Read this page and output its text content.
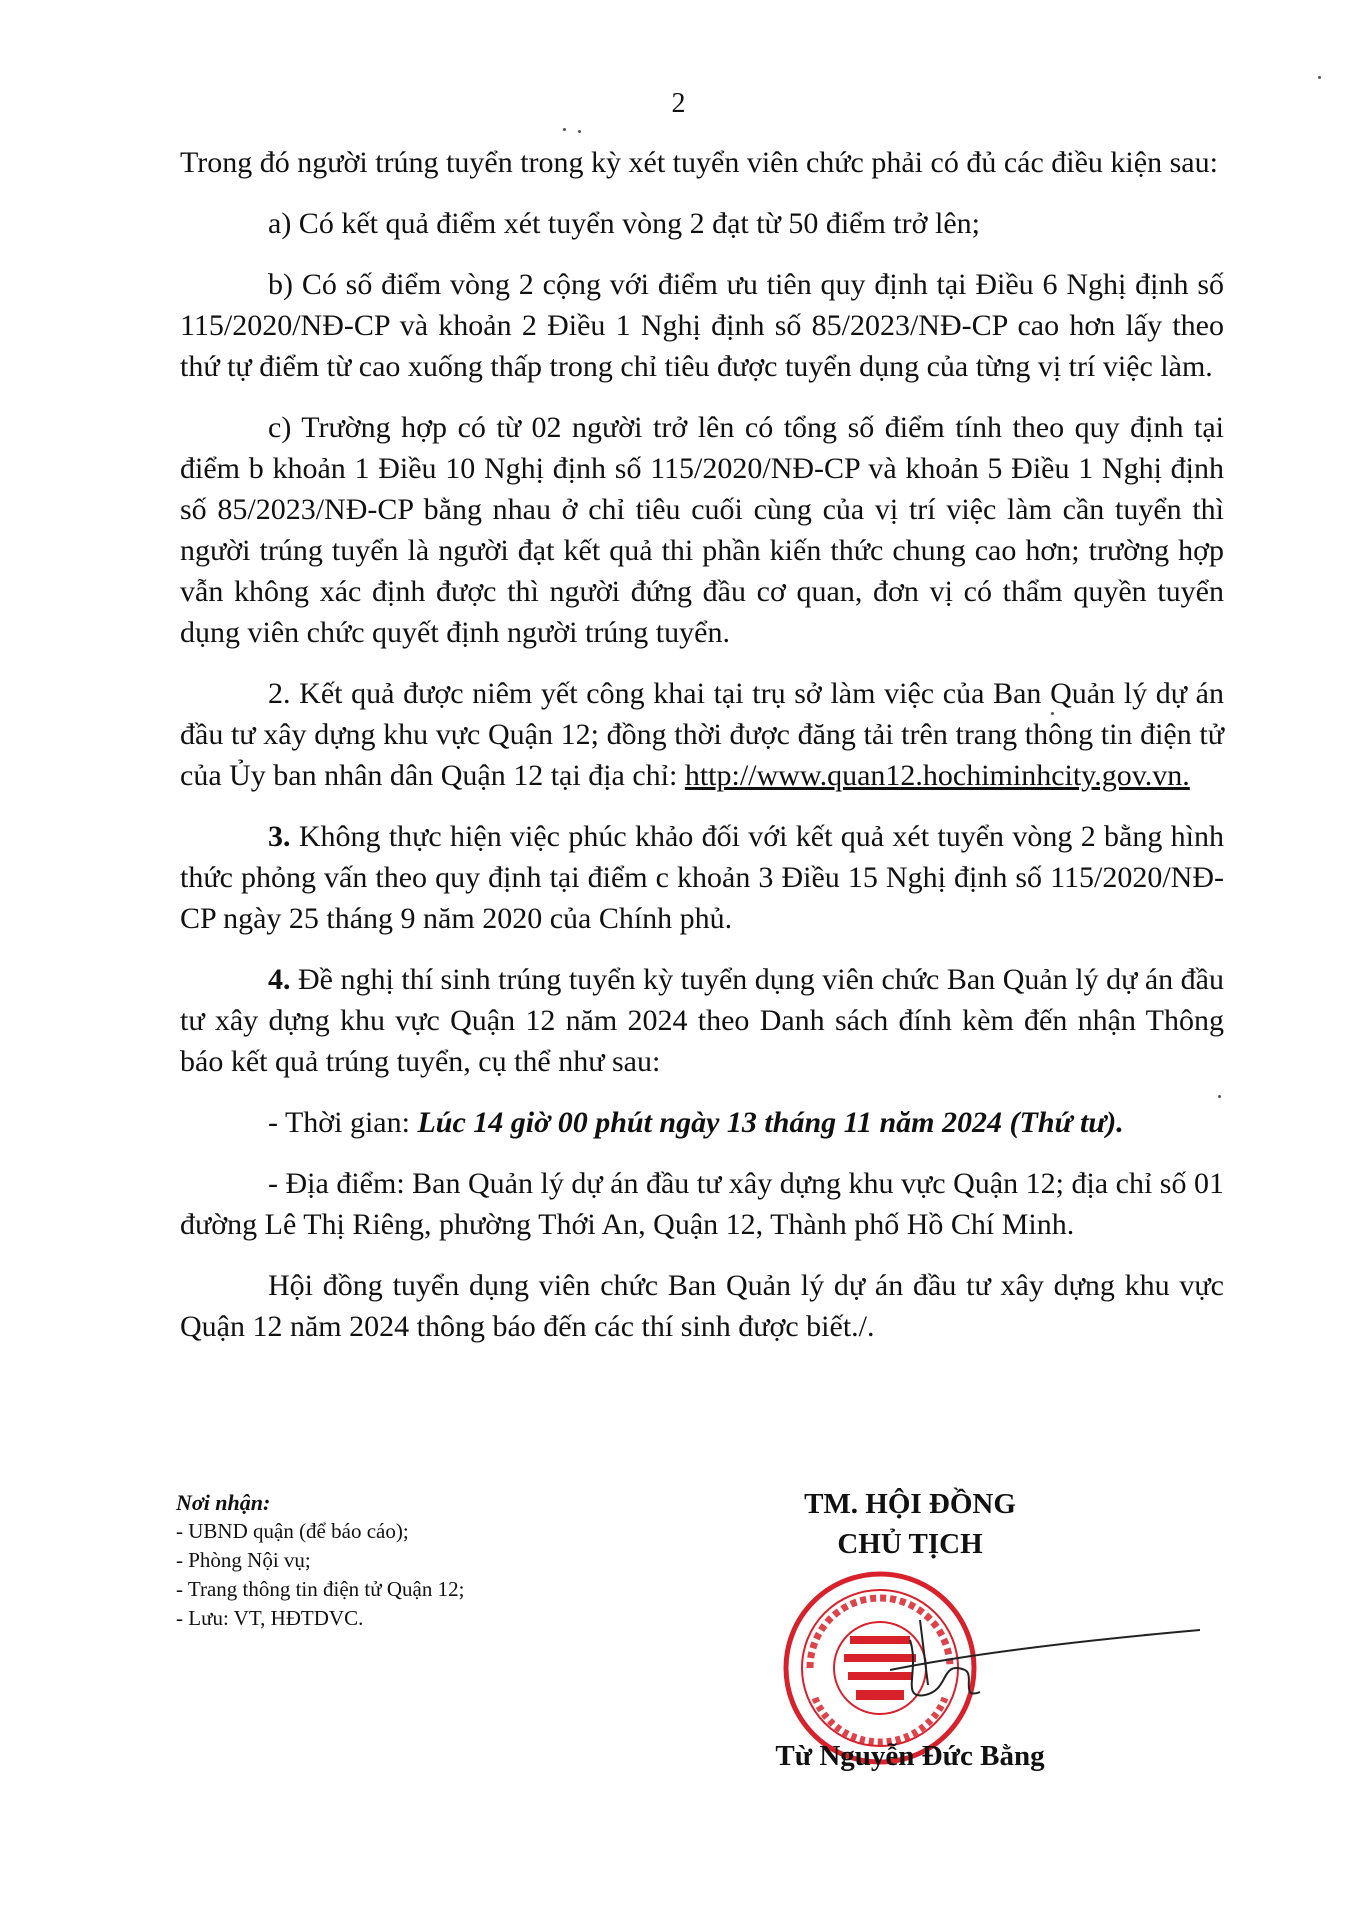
2

Trong đó người trúng tuyển trong kỳ xét tuyển viên chức phải có đủ các điều kiện sau:

a) Có kết quả điểm xét tuyển vòng 2 đạt từ 50 điểm trở lên;

b) Có số điểm vòng 2 cộng với điểm ưu tiên quy định tại Điều 6 Nghị định số 115/2020/NĐ-CP và khoản 2 Điều 1 Nghị định số 85/2023/NĐ-CP cao hơn lấy theo thứ tự điểm từ cao xuống thấp trong chỉ tiêu được tuyển dụng của từng vị trí việc làm.

c) Trường hợp có từ 02 người trở lên có tổng số điểm tính theo quy định tại điểm b khoản 1 Điều 10 Nghị định số 115/2020/NĐ-CP và khoản 5 Điều 1 Nghị định số 85/2023/NĐ-CP bằng nhau ở chỉ tiêu cuối cùng của vị trí việc làm cần tuyển thì người trúng tuyển là người đạt kết quả thi phần kiến thức chung cao hơn; trường hợp vẫn không xác định được thì người đứng đầu cơ quan, đơn vị có thẩm quyền tuyển dụng viên chức quyết định người trúng tuyển.

2. Kết quả được niêm yết công khai tại trụ sở làm việc của Ban Quản lý dự án đầu tư xây dựng khu vực Quận 12; đồng thời được đăng tải trên trang thông tin điện tử của Ủy ban nhân dân Quận 12 tại địa chỉ: http://www.quan12.hochiminhcity.gov.vn.

3. Không thực hiện việc phúc khảo đối với kết quả xét tuyển vòng 2 bằng hình thức phỏng vấn theo quy định tại điểm c khoản 3 Điều 15 Nghị định số 115/2020/NĐ-CP ngày 25 tháng 9 năm 2020 của Chính phủ.

4. Đề nghị thí sinh trúng tuyển kỳ tuyển dụng viên chức Ban Quản lý dự án đầu tư xây dựng khu vực Quận 12 năm 2024 theo Danh sách đính kèm đến nhận Thông báo kết quả trúng tuyển, cụ thể như sau:

- Thời gian: Lúc 14 giờ 00 phút ngày 13 tháng 11 năm 2024 (Thứ tư).

- Địa điểm: Ban Quản lý dự án đầu tư xây dựng khu vực Quận 12; địa chỉ số 01 đường Lê Thị Riêng, phường Thới An, Quận 12, Thành phố Hồ Chí Minh.

Hội đồng tuyển dụng viên chức Ban Quản lý dự án đầu tư xây dựng khu vực Quận 12 năm 2024 thông báo đến các thí sinh được biết./.

Nơi nhận:
- UBND quận (để báo cáo);
- Phòng Nội vụ;
- Trang thông tin điện tử Quận 12;
- Lưu: VT, HĐTDVC.
TM. HỘI ĐỒNG
CHỦ TỊCH
Từ Nguyễn Đức Bằng
